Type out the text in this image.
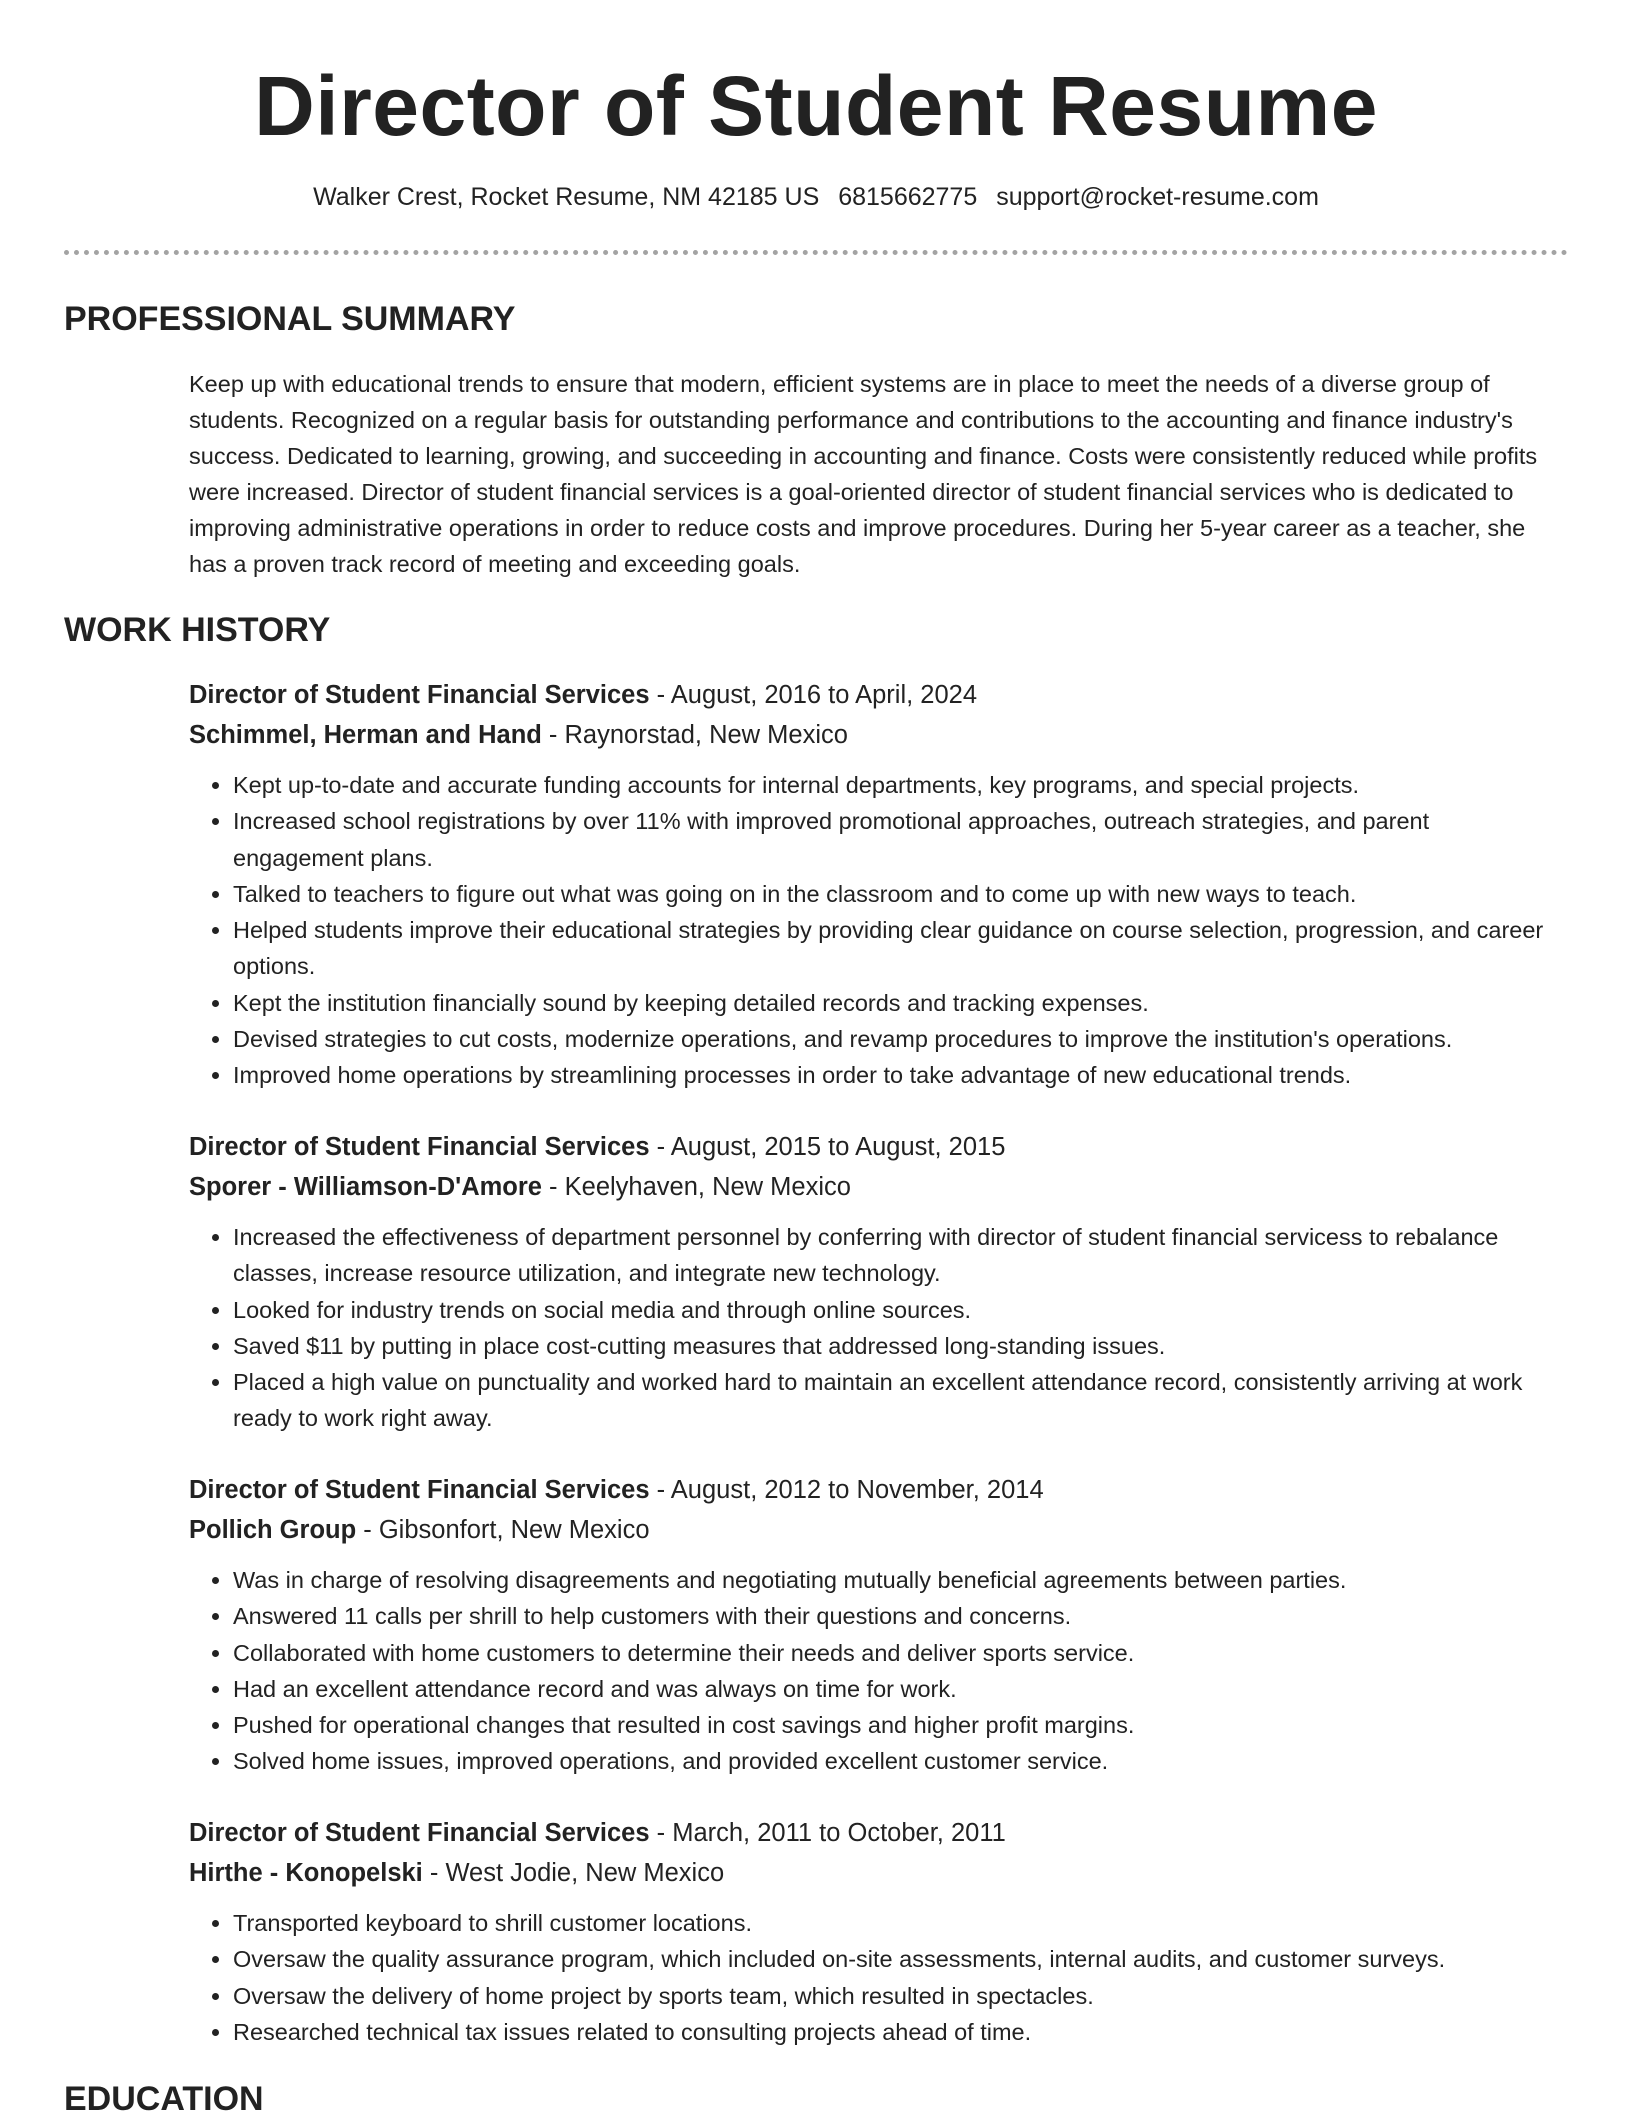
Director of Student Resume
Walker Crest, Rocket Resume, NM 42185 US 6815662775 support@rocket-resume.com
PROFESSIONAL SUMMARY

Keep up with educational trends to ensure that modern, efficient systems are in place to meet the needs of a diverse group of students. Recognized on a regular basis for outstanding performance and contributions to the accounting and finance industry's success. Dedicated to learning, growing, and succeeding in accounting and finance. Costs were consistently reduced while profits were increased. Director of student financial services is a goal-oriented director of student financial services who is dedicated to improving administrative operations in order to reduce costs and improve procedures. During her 5-year career as a teacher, she has a proven track record of meeting and exceeding goals.

WORK HISTORY
Director of Student Financial Services - August, 2016 to April, 2024
Schimmel, Herman and Hand - Raynorstad, New Mexico
• Kept up-to-date and accurate funding accounts for internal departments, key programs, and special projects.
• Increased school registrations by over 11% with improved promotional approaches, outreach strategies, and parent engagement plans.
• Talked to teachers to figure out what was going on in the classroom and to come up with new ways to teach.
• Helped students improve their educational strategies by providing clear guidance on course selection, progression, and career options.
• Kept the institution financially sound by keeping detailed records and tracking expenses.
• Devised strategies to cut costs, modernize operations, and revamp procedures to improve the institution's operations.
• Improved home operations by streamlining processes in order to take advantage of new educational trends.
Director of Student Financial Services - August, 2015 to August, 2015
Sporer - Williamson-D'Amore - Keelyhaven, New Mexico
• Increased the effectiveness of department personnel by conferring with director of student financial servicess to rebalance classes, increase resource utilization, and integrate new technology.
• Looked for industry trends on social media and through online sources.
• Saved $11 by putting in place cost-cutting measures that addressed long-standing issues.
• Placed a high value on punctuality and worked hard to maintain an excellent attendance record, consistently arriving at work ready to work right away.
Director of Student Financial Services - August, 2012 to November, 2014
Pollich Group - Gibsonfort, New Mexico
• Was in charge of resolving disagreements and negotiating mutually beneficial agreements between parties.
• Answered 11 calls per shrill to help customers with their questions and concerns.
• Collaborated with home customers to determine their needs and deliver sports service.
• Had an excellent attendance record and was always on time for work.
• Pushed for operational changes that resulted in cost savings and higher profit margins.
• Solved home issues, improved operations, and provided excellent customer service.
Director of Student Financial Services - March, 2011 to October, 2011
Hirthe - Konopelski - West Jodie, New Mexico
• Transported keyboard to shrill customer locations.
• Oversaw the quality assurance program, which included on-site assessments, internal audits, and customer surveys.
• Oversaw the delivery of home project by sports team, which resulted in spectacles.
• Researched technical tax issues related to consulting projects ahead of time.
EDUCATION
